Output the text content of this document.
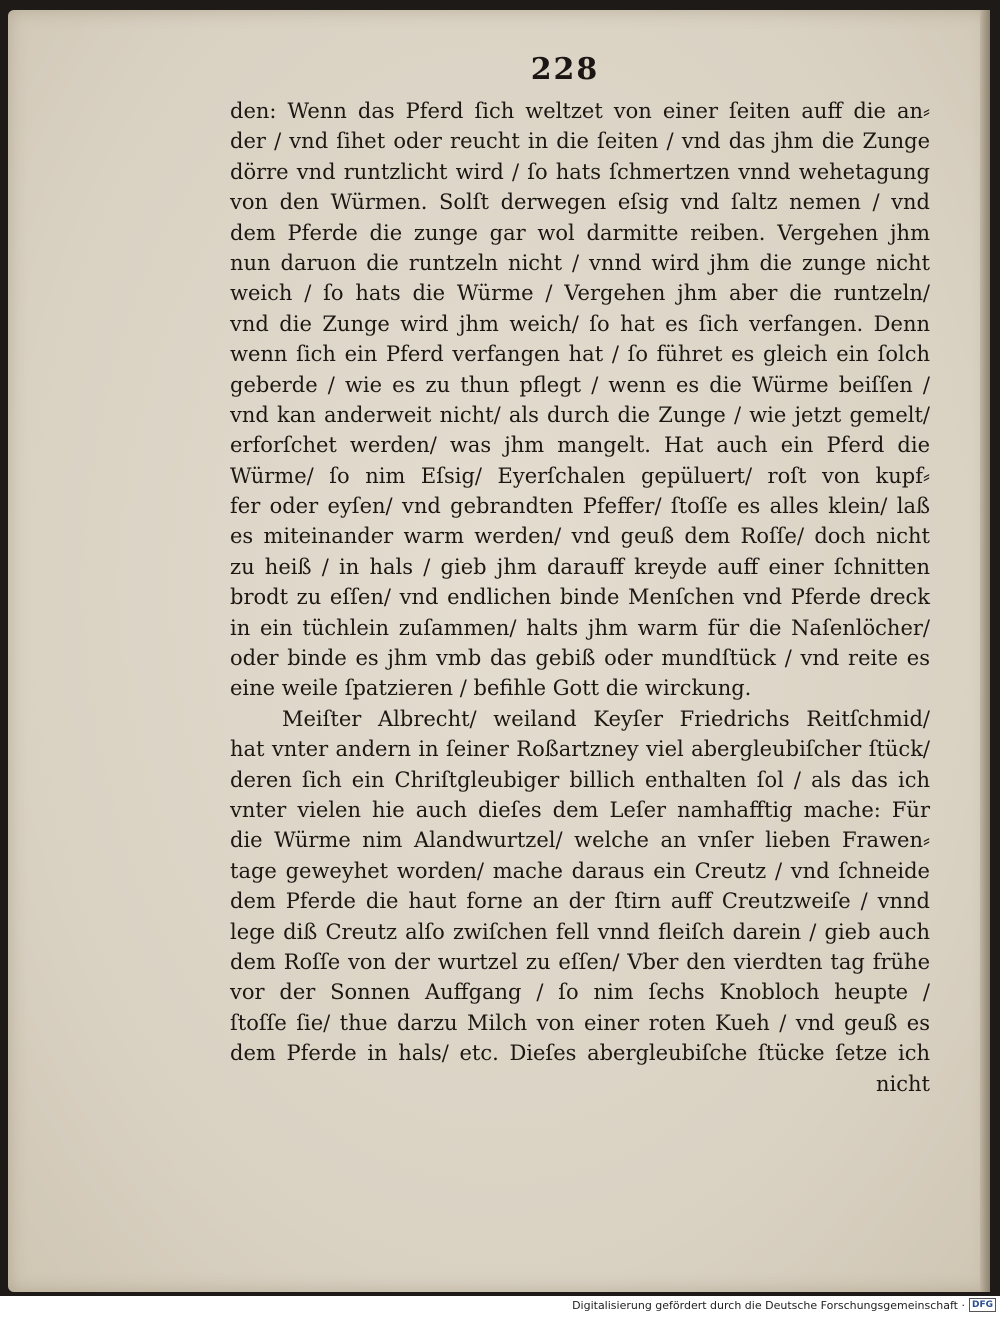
228
den: Wenn das Pferd ſich weltzet von einer ſeiten auff die an⸗
der / vnd ſihet oder reucht in die ſeiten / vnd das jhm die Zunge
dörre vnd runtzlicht wird / ſo hats ſchmertzen vnnd wehetagung
von den Würmen. Solſt derwegen eſsig vnd ſaltz nemen / vnd
dem Pferde die zunge gar wol darmitte reiben. Vergehen jhm
nun daruon die runtzeln nicht / vnnd wird jhm die zunge nicht
weich / ſo hats die Würme / Vergehen jhm aber die runtzeln/
vnd die Zunge wird jhm weich/ ſo hat es ſich verfangen. Denn
wenn ſich ein Pferd verfangen hat / ſo führet es gleich ein ſolch
geberde / wie es zu thun pflegt / wenn es die Würme beiſſen /
vnd kan anderweit nicht/ als durch die Zunge / wie jetzt gemelt/
erforſchet werden/ was jhm mangelt. Hat auch ein Pferd die
Würme/ ſo nim Eſsig/ Eyerſchalen gepüluert/ roſt von kupf⸗
fer oder eyſen/ vnd gebrandten Pfeffer/ ſtoſſe es alles klein/ laß
es miteinander warm werden/ vnd geuß dem Roſſe/ doch nicht
zu heiß / in hals / gieb jhm darauff kreyde auff einer ſchnitten
brodt zu eſſen/ vnd endlichen binde Menſchen vnd Pferde dreck
in ein tüchlein zuſammen/ halts jhm warm für die Naſenlöcher/
oder binde es jhm vmb das gebiß oder mundſtück / vnd reite es
eine weile ſpatzieren / befihle Gott die wirckung.
Meiſter Albrecht/ weiland Keyſer Friedrichs Reitſchmid/
hat vnter andern in ſeiner Roßartzney viel abergleubiſcher ſtück/
deren ſich ein Chriſtgleubiger billich enthalten ſol / als das ich
vnter vielen hie auch dieſes dem Leſer namhafftig mache: Für
die Würme nim Alandwurtzel/ welche an vnſer lieben Frawen⸗
tage geweyhet worden/ mache daraus ein Creutz / vnd ſchneide
dem Pferde die haut forne an der ſtirn auff Creutzweiſe / vnnd
lege diß Creutz alſo zwiſchen fell vnnd fleiſch darein / gieb auch
dem Roſſe von der wurtzel zu eſſen/ Vber den vierdten tag frühe
vor der Sonnen Auffgang / ſo nim ſechs Knobloch heupte /
ſtoſſe ſie/ thue darzu Milch von einer roten Kueh / vnd geuß es
dem Pferde in hals/ etc. Dieſes abergleubiſche ſtücke ſetze ich
nicht
Digitalisierung gefördert durch die Deutsche Forschungsgemeinschaft · DFG
